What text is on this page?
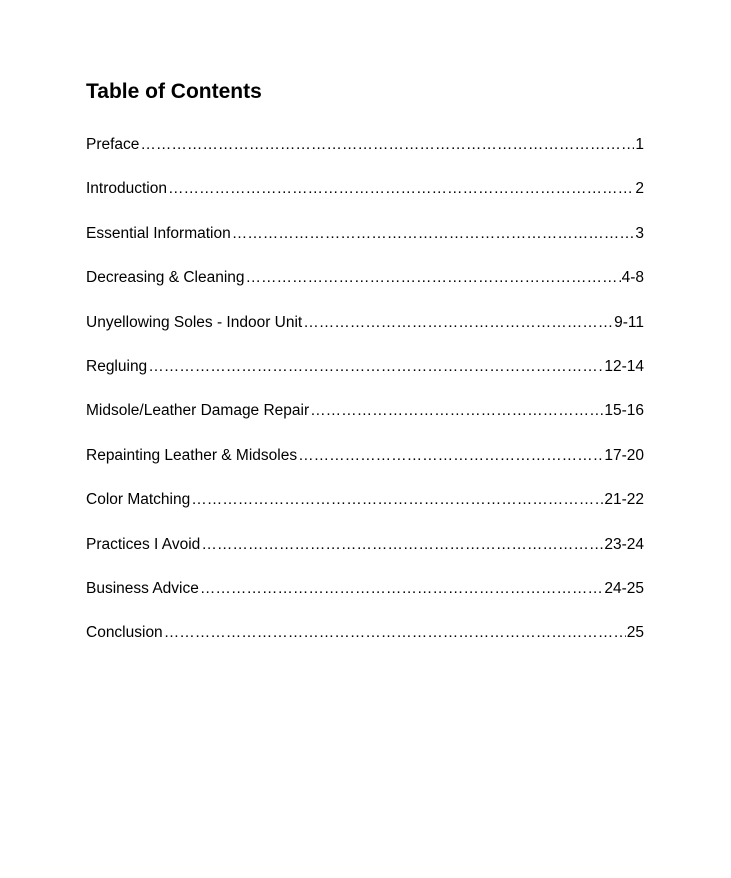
Table of Contents
Preface ………………………………………………………………………………………………………………………………………………………………	1
Introduction ………………………………………………………………………………………………………………………………………………………………	2
Essential Information ………………………………………………………………………………………………………………………………………………………………	3
Decreasing & Cleaning ………………………………………………………………………………………………………………………………………………………………	4-8
Unyellowing Soles - Indoor Unit ………………………………………………………………………………………………………………………………………………………………	9-11
Regluing ………………………………………………………………………………………………………………………………………………………………	12-14
Midsole/Leather Damage Repair ………………………………………………………………………………………………………………………………………………………………	15-16
Repainting Leather & Midsoles ………………………………………………………………………………………………………………………………………………………………	17-20
Color Matching ………………………………………………………………………………………………………………………………………………………………	21-22
Practices I Avoid ………………………………………………………………………………………………………………………………………………………………	23-24
Business Advice ………………………………………………………………………………………………………………………………………………………………	24-25
Conclusion ………………………………………………………………………………………………………………………………………………………………	25
